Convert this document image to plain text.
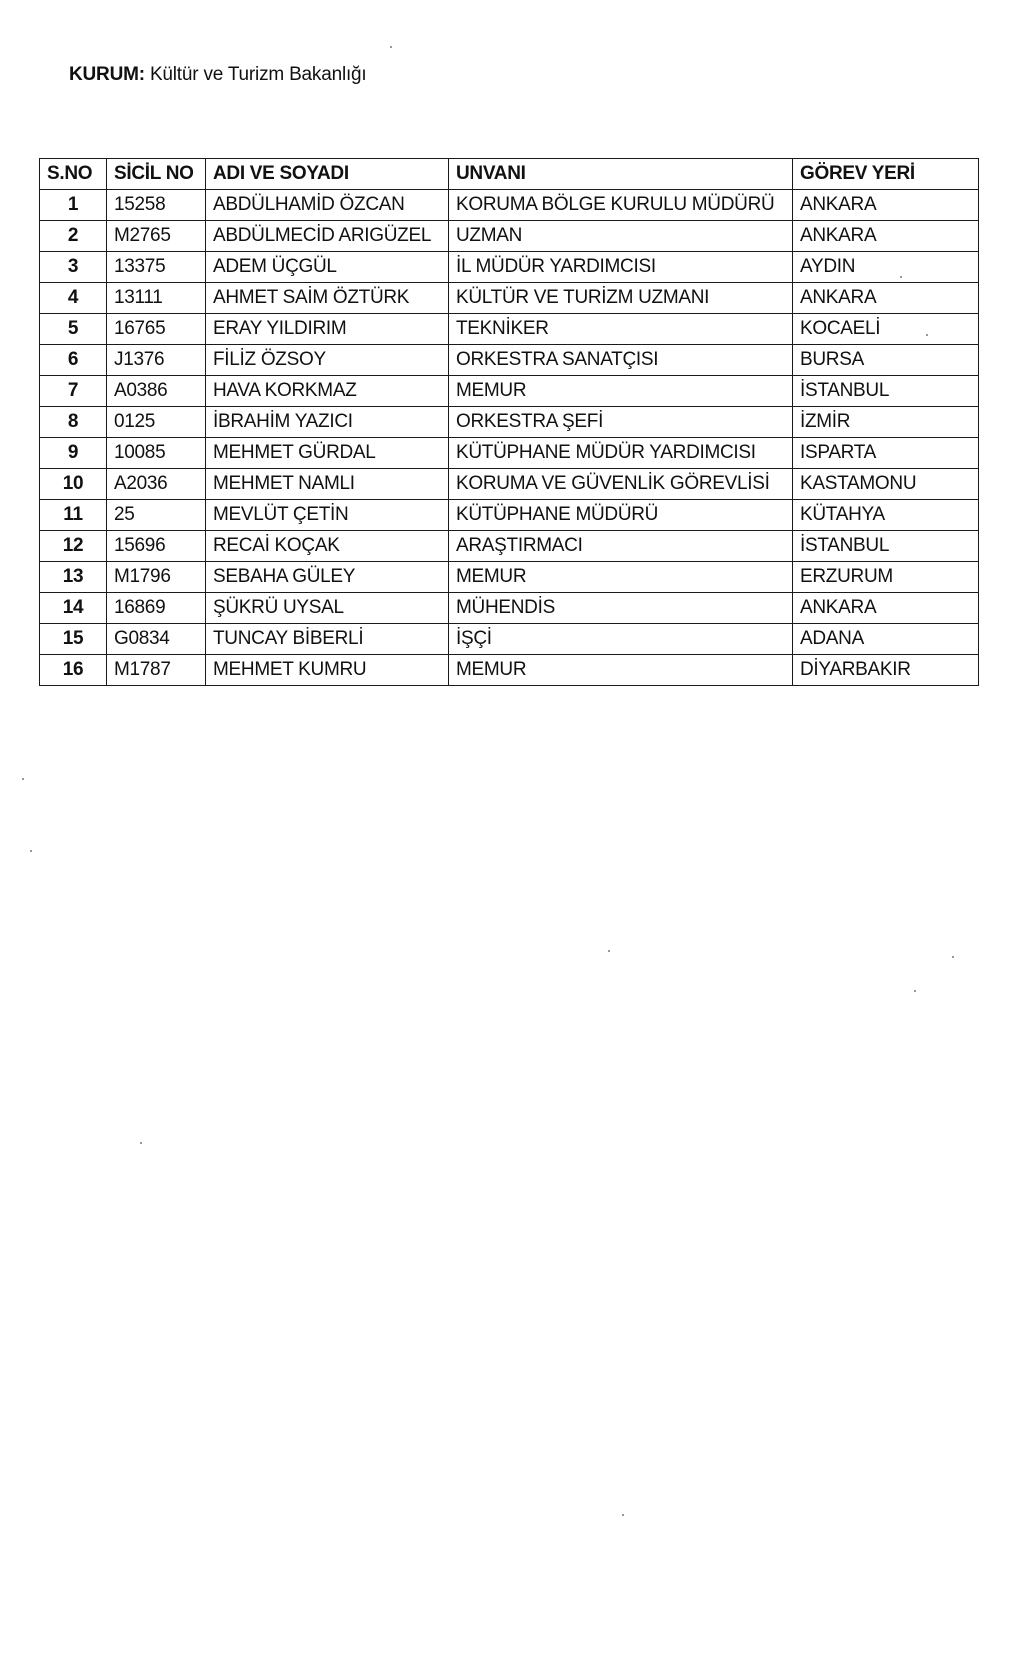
KURUM: Kültür ve Turizm Bakanlığı
S.NO	SİCİL NO	ADI VE SOYADI	UNVANI	GÖREV YERİ
1	15258	ABDÜLHAMİD ÖZCAN	KORUMA BÖLGE KURULU MÜDÜRÜ	ANKARA
2	M2765	ABDÜLMECİD ARIGÜZEL	UZMAN	ANKARA
3	13375	ADEM ÜÇGÜL	İL MÜDÜR YARDIMCISI	AYDIN
4	13111	AHMET SAİM ÖZTÜRK	KÜLTÜR VE TURİZM UZMANI	ANKARA
5	16765	ERAY YILDIRIM	TEKNİKER	KOCAELİ
6	J1376	FİLİZ ÖZSOY	ORKESTRA SANATÇISI	BURSA
7	A0386	HAVA KORKMAZ	MEMUR	İSTANBUL
8	0125	İBRAHİM YAZICI	ORKESTRA ŞEFİ	İZMİR
9	10085	MEHMET GÜRDAL	KÜTÜPHANE MÜDÜR YARDIMCISI	ISPARTA
10	A2036	MEHMET NAMLI	KORUMA VE GÜVENLİK GÖREVLİSİ	KASTAMONU
11	25	MEVLÜT ÇETİN	KÜTÜPHANE MÜDÜRÜ	KÜTAHYA
12	15696	RECAİ KOÇAK	ARAŞTIRMACI	İSTANBUL
13	M1796	SEBAHA GÜLEY	MEMUR	ERZURUM
14	16869	ŞÜKRÜ UYSAL	MÜHENDİS	ANKARA
15	G0834	TUNCAY BİBERLİ	İŞÇİ	ADANA
16	M1787	MEHMET KUMRU	MEMUR	DİYARBAKIR
